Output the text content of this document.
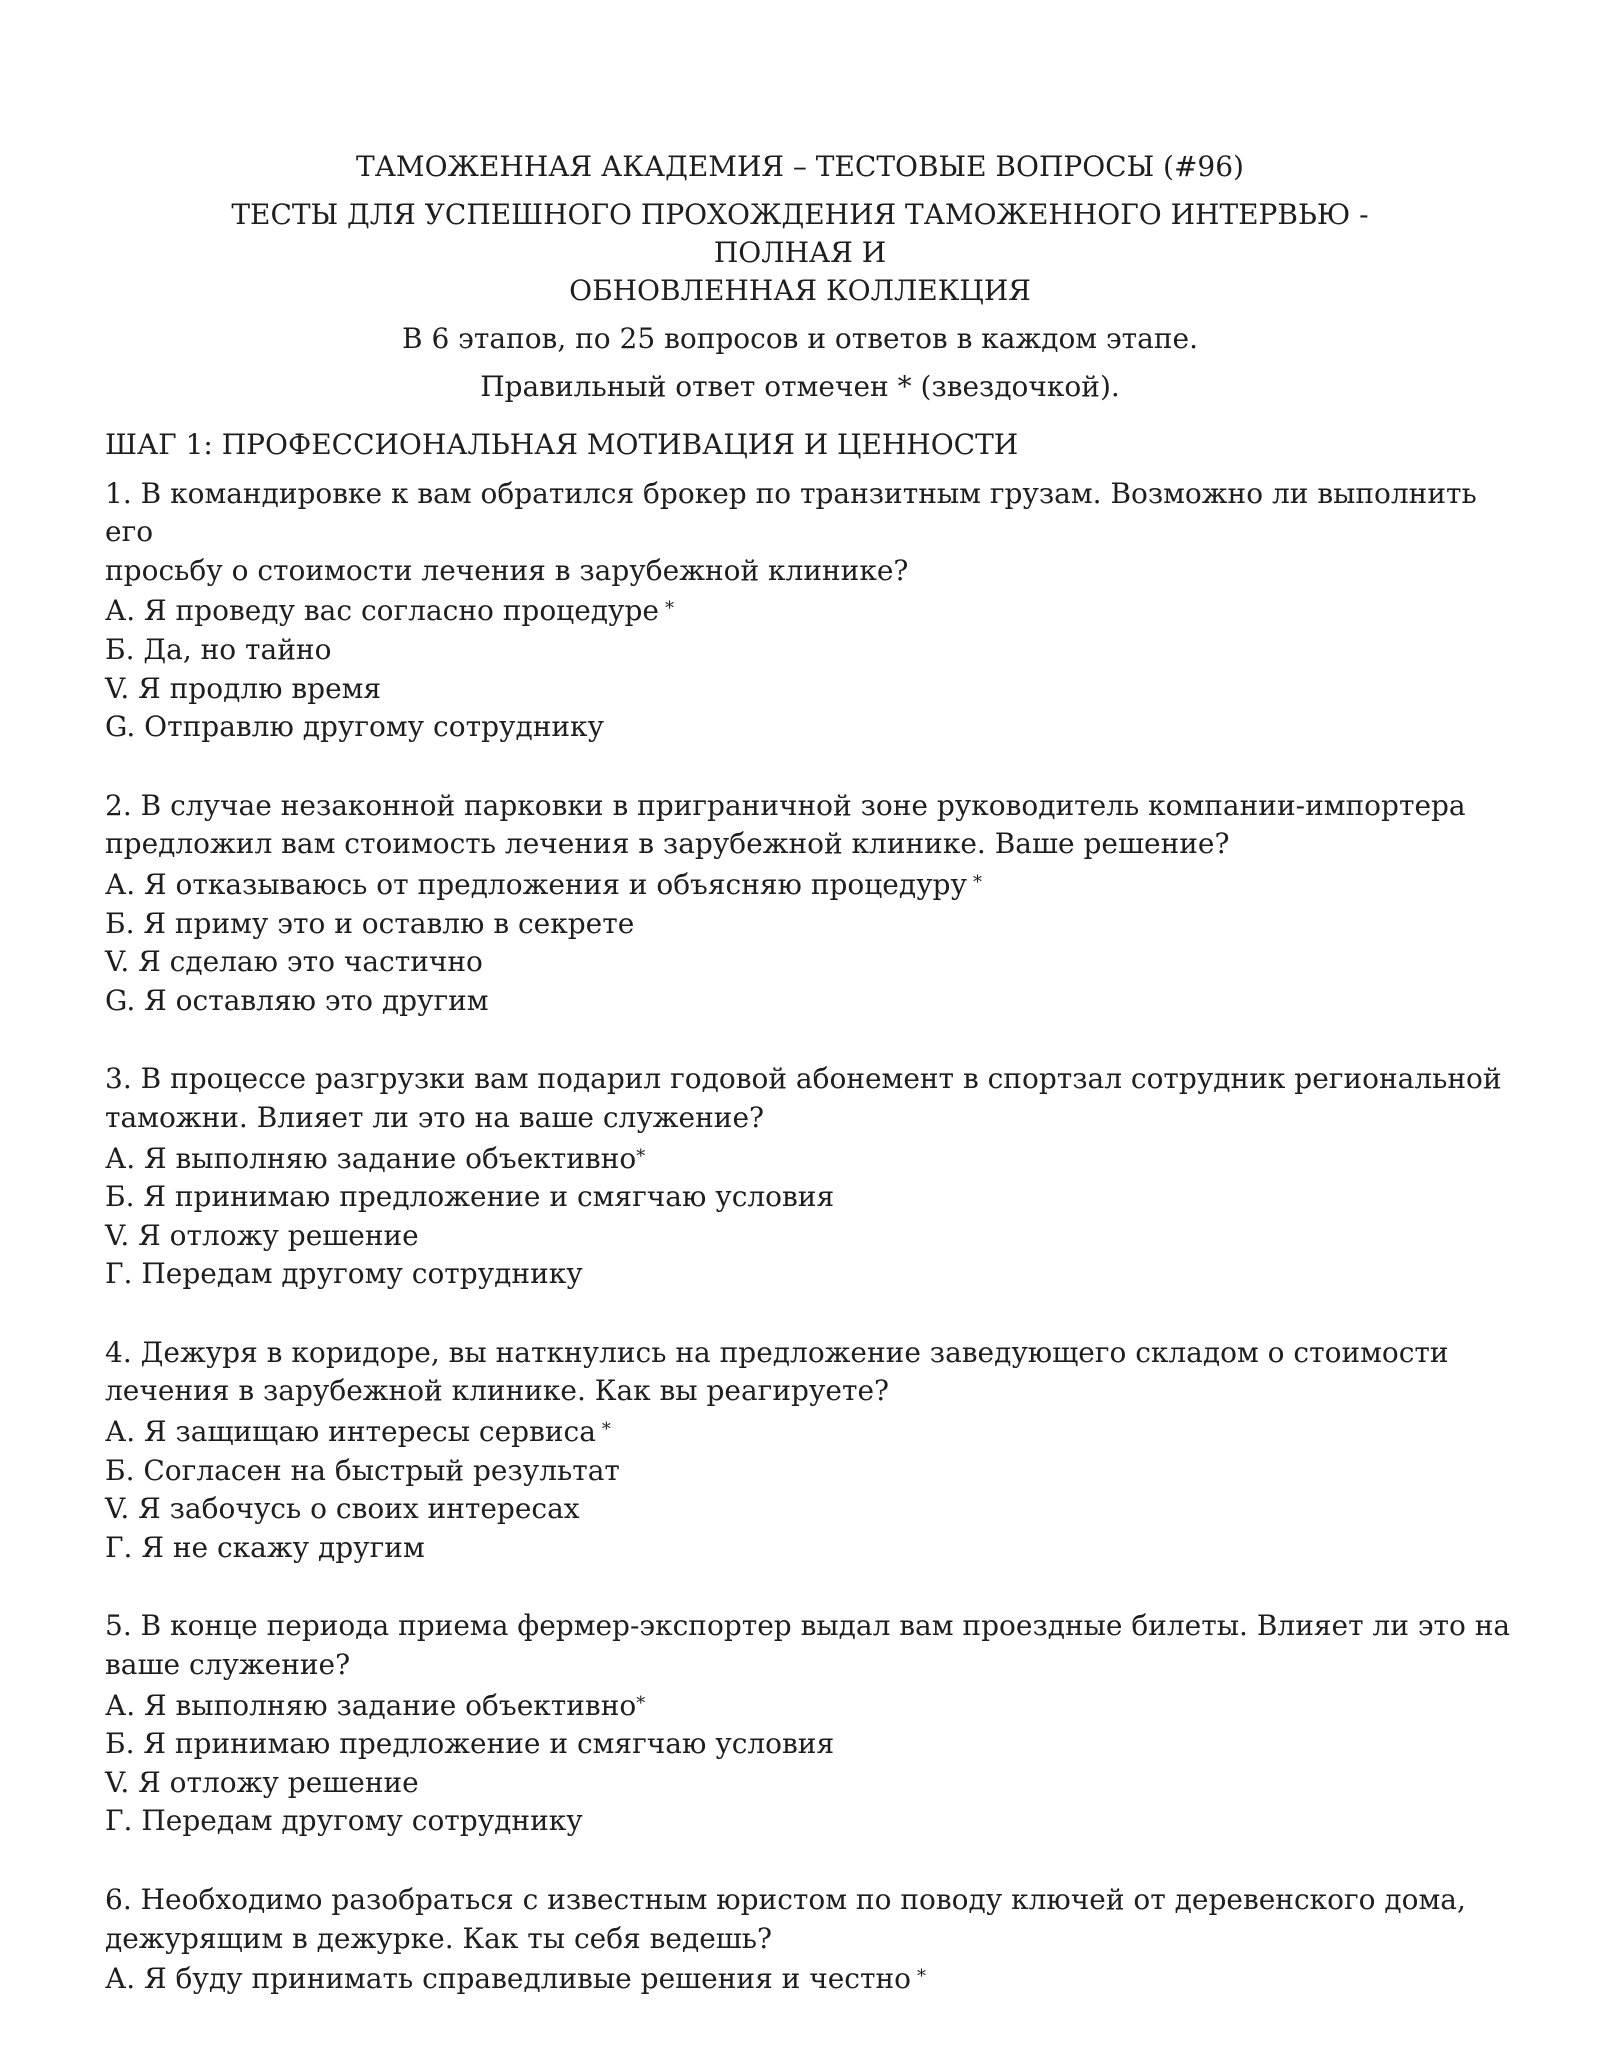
ТАМОЖЕННАЯ АКАДЕМИЯ – ТЕСТОВЫЕ ВОПРОСЫ (#96)
ТЕСТЫ ДЛЯ УСПЕШНОГО ПРОХОЖДЕНИЯ ТАМОЖЕННОГО ИНТЕРВЬЮ - ПОЛНАЯ И
ОБНОВЛЕННАЯ КОЛЛЕКЦИЯ
В 6 этапов, по 25 вопросов и ответов в каждом этапе.
Правильный ответ отмечен * (звездочкой).
ШАГ 1: ПРОФЕССИОНАЛЬНАЯ МОТИВАЦИЯ И ЦЕННОСТИ
1. В командировке к вам обратился брокер по транзитным грузам. Возможно ли выполнить его
просьбу о стоимости лечения в зарубежной клинике?
А. Я проведу вас согласно процедуре *
Б. Да, но тайно
V. Я продлю время
G. Отправлю другому сотруднику
2. В случае незаконной парковки в приграничной зоне руководитель компании-импортера
предложил вам стоимость лечения в зарубежной клинике. Ваше решение?
А. Я отказываюсь от предложения и объясняю процедуру *
Б. Я приму это и оставлю в секрете
V. Я сделаю это частично
G. Я оставляю это другим
3. В процессе разгрузки вам подарил годовой абонемент в спортзал сотрудник региональной
таможни. Влияет ли это на ваше служение?
А. Я выполняю задание объективно*
Б. Я принимаю предложение и смягчаю условия
V. Я отложу решение
Г. Передам другому сотруднику
4. Дежуря в коридоре, вы наткнулись на предложение заведующего складом о стоимости
лечения в зарубежной клинике. Как вы реагируете?
А. Я защищаю интересы сервиса *
Б. Согласен на быстрый результат
V. Я забочусь о своих интересах
Г. Я не скажу другим
5. В конце периода приема фермер-экспортер выдал вам проездные билеты. Влияет ли это на
ваше служение?
А. Я выполняю задание объективно*
Б. Я принимаю предложение и смягчаю условия
V. Я отложу решение
Г. Передам другому сотруднику
6. Необходимо разобраться с известным юристом по поводу ключей от деревенского дома,
дежурящим в дежурке. Как ты себя ведешь?
А. Я буду принимать справедливые решения и честно *
